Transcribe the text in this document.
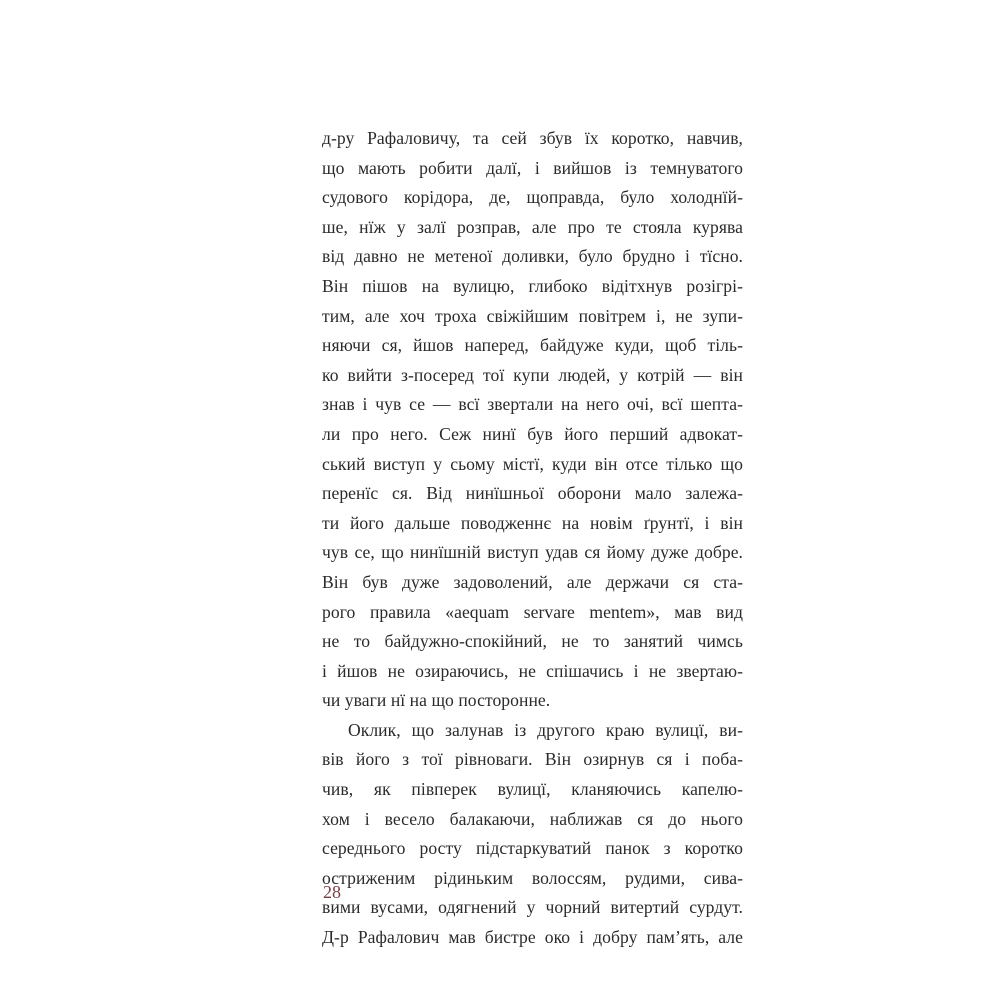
д-ру Рафаловичу, та сей збув їх коротко, навчив,
що мають робити далї, і вийшов із темнуватого
судового корідора, де, щоправда, було холоднїй-
ше, нїж у залї розправ, але про те стояла курява
від давно не метеної доливки, було брудно і тїсно.
Він пішов на вулицю, глибоко відітхнув розігрі-
тим, але хоч троха свіжійшим повітрем і, не зупи-
няючи ся, йшов наперед, байдуже куди, щоб тіль-
ко вийти з-посеред тої купи людей, у котрій — він
знав і чув се — всї звертали на него очі, всї шепта-
ли про него. Сеж нинї був його перший адвокат-
ський виступ у сьому містї, куди він отсе тілько що
перенїс ся. Від нинїшньої оборони мало залежа-
ти його дальше поводженнє на новім ґрунтї, і він
чув се, що нинїшній виступ удав ся йому дуже добре.
Він був дуже задоволений, але держачи ся ста-
рого правила «aequam servare mentem», мав вид
не то байдужно-спокійний, не то занятий чимсь
і йшов не озираючись, не спішачись і не звертаю-
чи уваги нї на що посторонне.
Оклик, що залунав із другого краю вулицї, ви-
вів його з тої рівноваги. Він озирнув ся і поба-
чив, як півперек вулицї, кланяючись капелю-
хом і весело балакаючи, наближав ся до нього
середнього росту підстаркуватий панок з коротко
остриженим рідиньким волоссям, рудими, сива-
вими вусами, одягнений у чорний витертий сурдут.
Д-р Рафалович мав бистре око і добру памʼять, але
28
